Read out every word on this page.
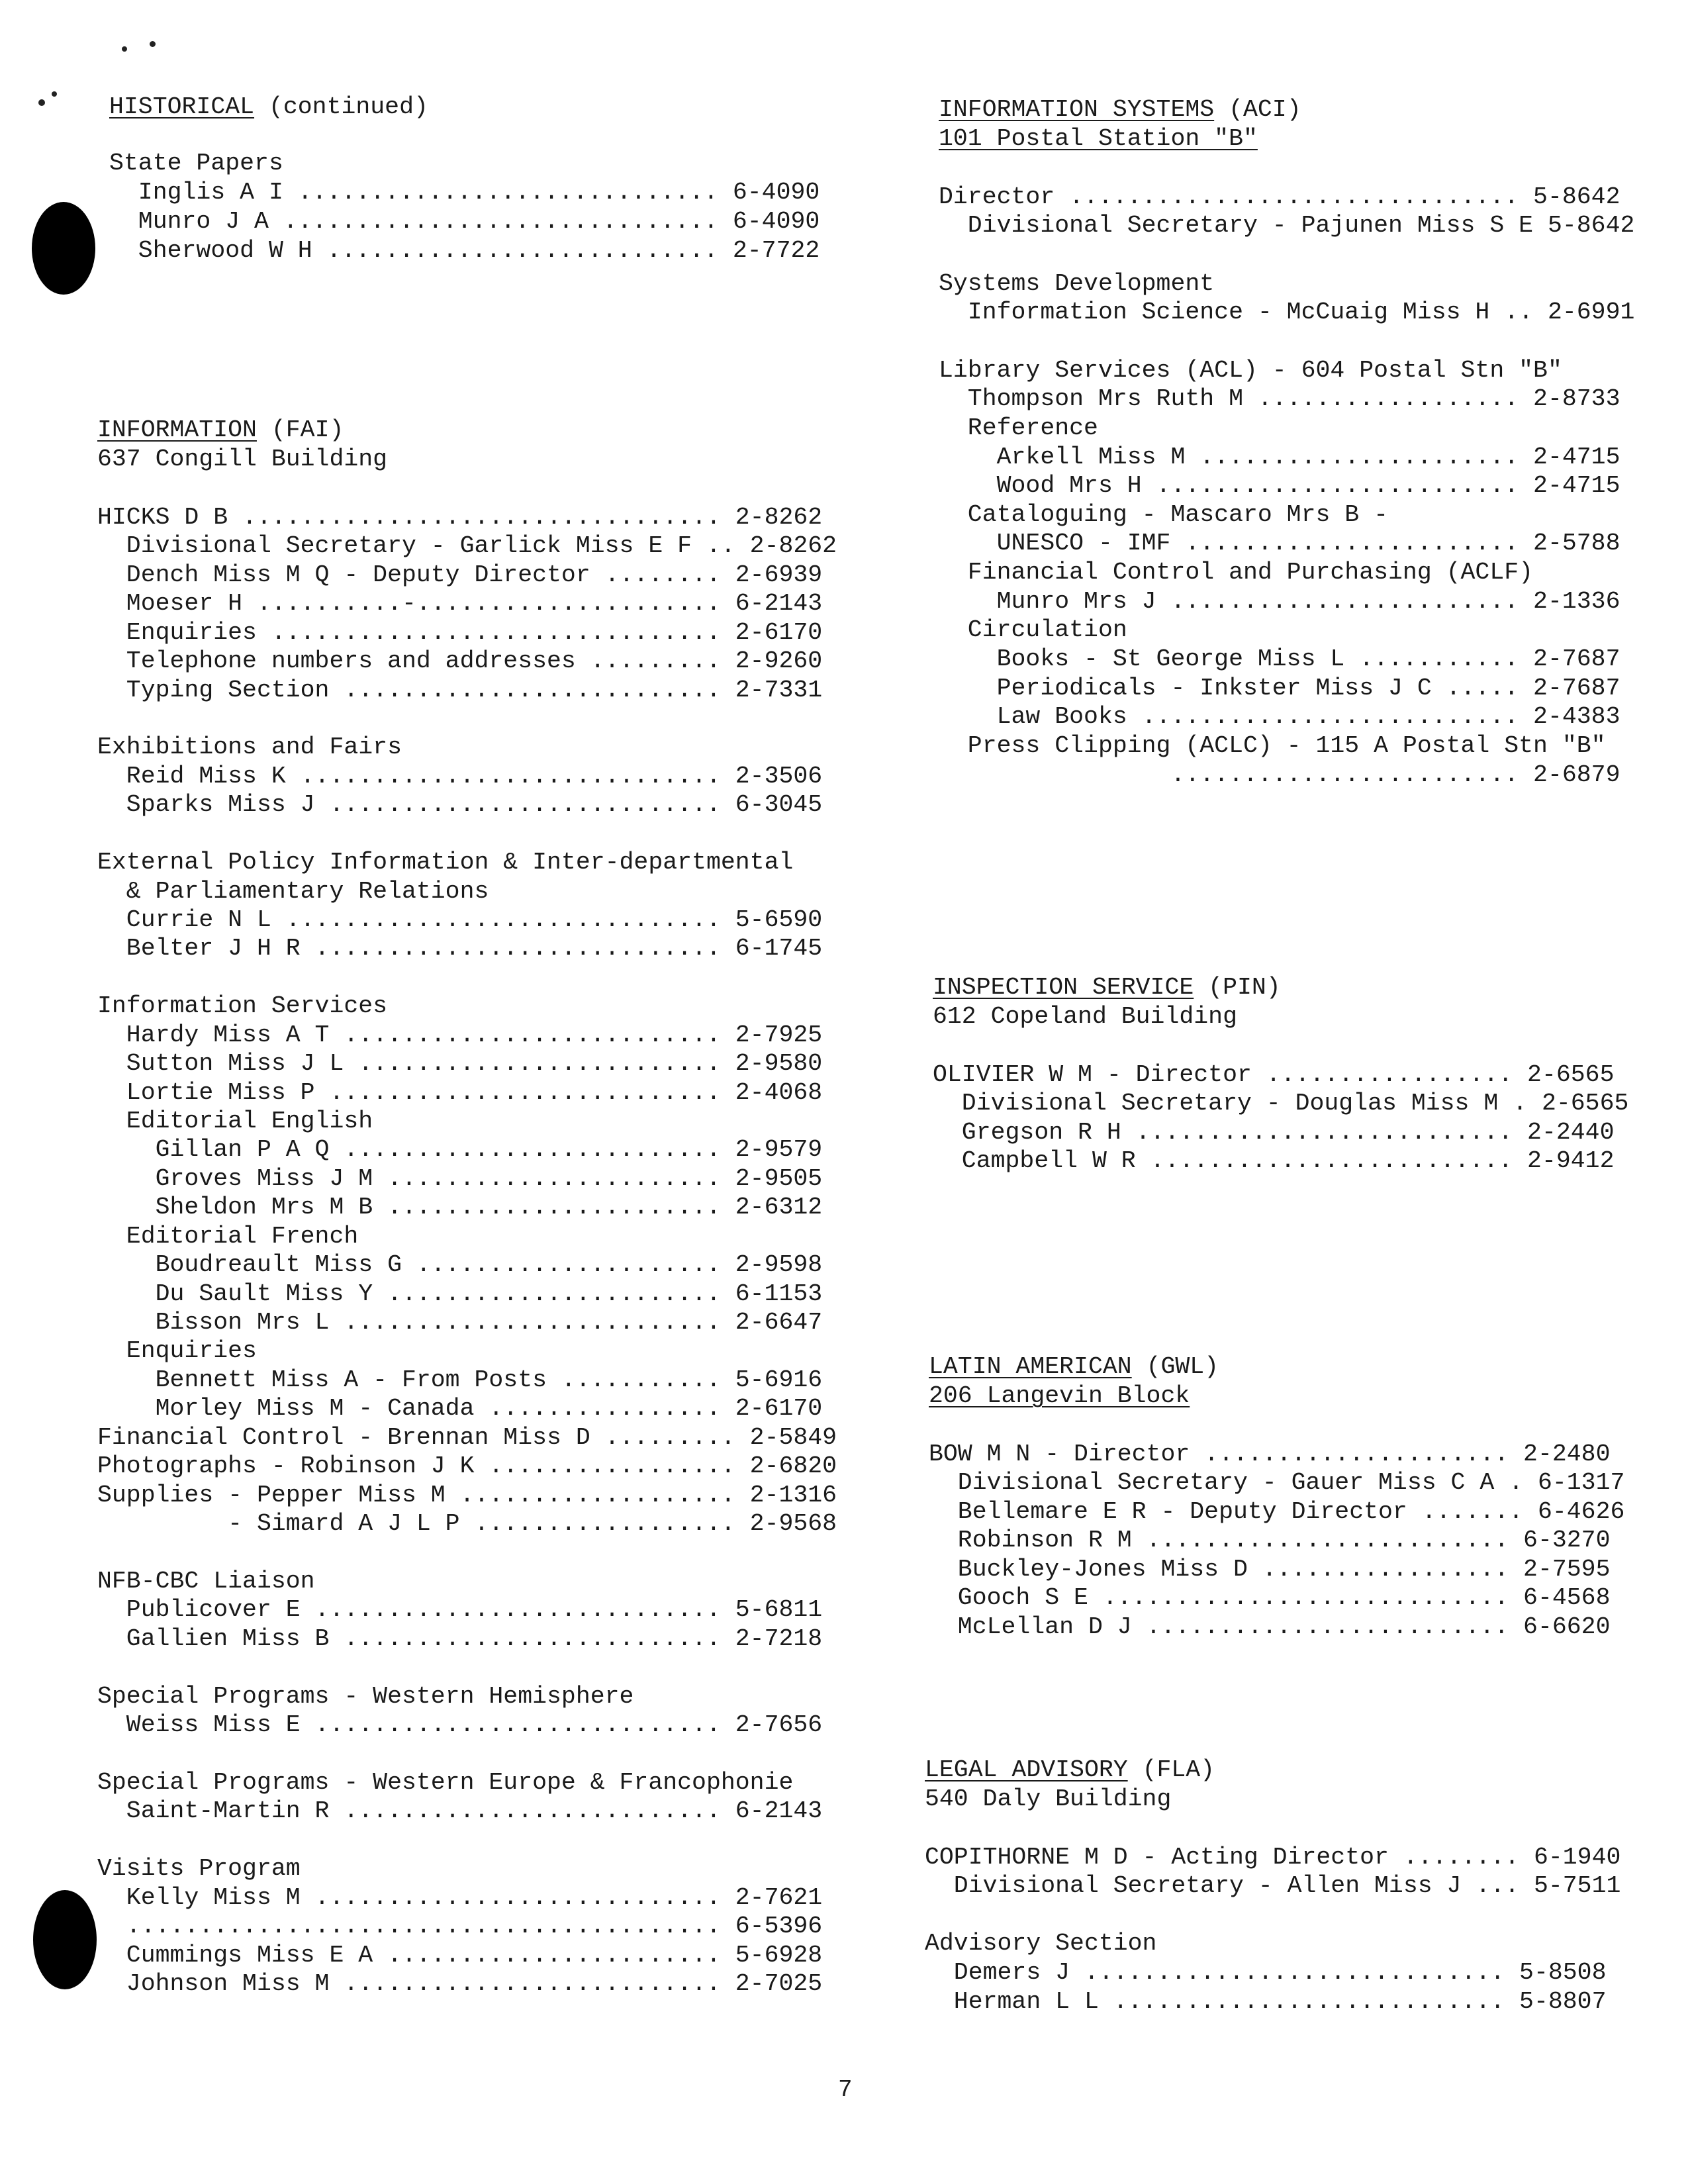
HISTORICAL (continued)
State Papers
Inglis A I ............................. 6-4090
Munro J A .............................. 6-4090
Sherwood W H ........................... 2-7722
INFORMATION (FAI)
637 Congill Building
HICKS D B ................................. 2-8262
Divisional Secretary - Garlick Miss E F .. 2-8262
Dench Miss M Q - Deputy Director ........ 2-6939
Moeser H ..........-..................... 6-2143
Enquiries ............................... 2-6170
Telephone numbers and addresses ......... 2-9260
Typing Section .......................... 2-7331
Exhibitions and Fairs
Reid Miss K ............................. 2-3506
Sparks Miss J ........................... 6-3045
External Policy Information & Inter-departmental
& Parliamentary Relations
Currie N L .............................. 5-6590
Belter J H R ............................ 6-1745
Information Services
Hardy Miss A T .......................... 2-7925
Sutton Miss J L ......................... 2-9580
Lortie Miss P ........................... 2-4068
Editorial English
Gillan P A Q .......................... 2-9579
Groves Miss J M ....................... 2-9505
Sheldon Mrs M B ....................... 2-6312
Editorial French
Boudreault Miss G ..................... 2-9598
Du Sault Miss Y ....................... 6-1153
Bisson Mrs L .......................... 2-6647
Enquiries
Bennett Miss A - From Posts ........... 5-6916
Morley Miss M - Canada ................ 2-6170
Financial Control - Brennan Miss D ......... 2-5849
Photographs - Robinson J K ................. 2-6820
Supplies - Pepper Miss M ................... 2-1316
- Simard A J L P .................. 2-9568
NFB-CBC Liaison
Publicover E ............................ 5-6811
Gallien Miss B .......................... 2-7218
Special Programs - Western Hemisphere
Weiss Miss E ............................ 2-7656
Special Programs - Western Europe & Francophonie
Saint-Martin R .......................... 6-2143
Visits Program
Kelly Miss M ............................ 2-7621
......................................... 6-5396
Cummings Miss E A ....................... 5-6928
Johnson Miss M .......................... 2-7025
INFORMATION SYSTEMS (ACI)
101 Postal Station "B"
Director ............................... 5-8642
Divisional Secretary - Pajunen Miss S E 5-8642
Systems Development
Information Science - McCuaig Miss H .. 2-6991
Library Services (ACL) - 604 Postal Stn "B"
Thompson Mrs Ruth M .................. 2-8733
Reference
Arkell Miss M ...................... 2-4715
Wood Mrs H ......................... 2-4715
Cataloguing - Mascaro Mrs B -
UNESCO - IMF ....................... 2-5788
Financial Control and Purchasing (ACLF)
Munro Mrs J ........................ 2-1336
Circulation
Books - St George Miss L ........... 2-7687
Periodicals - Inkster Miss J C ..... 2-7687
Law Books .......................... 2-4383
Press Clipping (ACLC) - 115 A Postal Stn "B"
........................ 2-6879
INSPECTION SERVICE (PIN)
612 Copeland Building
OLIVIER W M - Director ................. 2-6565
Divisional Secretary - Douglas Miss M . 2-6565
Gregson R H .......................... 2-2440
Campbell W R ......................... 2-9412
LATIN AMERICAN (GWL)
206 Langevin Block
BOW M N - Director ..................... 2-2480
Divisional Secretary - Gauer Miss C A . 6-1317
Bellemare E R - Deputy Director ....... 6-4626
Robinson R M ......................... 6-3270
Buckley-Jones Miss D ................. 2-7595
Gooch S E ............................ 6-4568
McLellan D J ......................... 6-6620
LEGAL ADVISORY (FLA)
540 Daly Building
COPITHORNE M D - Acting Director ........ 6-1940
Divisional Secretary - Allen Miss J ... 5-7511
Advisory Section
Demers J ............................. 5-8508
Herman L L ........................... 5-8807
7
